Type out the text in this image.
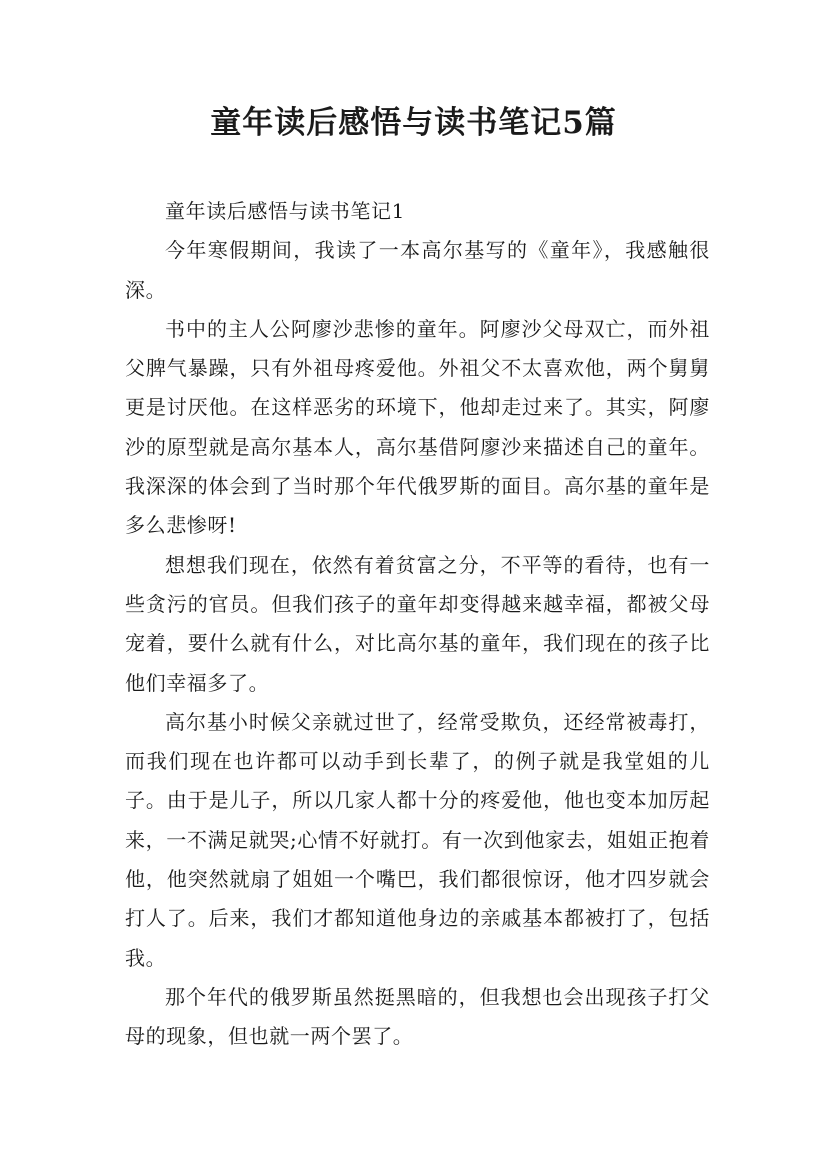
童年读后感悟与读书笔记5篇

童年读后感悟与读书笔记1

今年寒假期间，我读了一本高尔基写的《童年》，我感触很深。

书中的主人公阿廖沙悲惨的童年。阿廖沙父母双亡，而外祖父脾气暴躁，只有外祖母疼爱他。外祖父不太喜欢他，两个舅舅更是讨厌他。在这样恶劣的环境下，他却走过来了。其实，阿廖沙的原型就是高尔基本人，高尔基借阿廖沙来描述自己的童年。我深深的体会到了当时那个年代俄罗斯的面目。高尔基的童年是多么悲惨呀!

想想我们现在，依然有着贫富之分，不平等的看待，也有一些贪污的官员。但我们孩子的童年却变得越来越幸福，都被父母宠着，要什么就有什么，对比高尔基的童年，我们现在的孩子比他们幸福多了。

高尔基小时候父亲就过世了，经常受欺负，还经常被毒打，而我们现在也许都可以动手到长辈了，的例子就是我堂姐的儿子。由于是儿子，所以几家人都十分的疼爱他，他也变本加厉起来，一不满足就哭;心情不好就打。有一次到他家去，姐姐正抱着他，他突然就扇了姐姐一个嘴巴，我们都很惊讶，他才四岁就会打人了。后来，我们才都知道他身边的亲戚基本都被打了，包括我。

那个年代的俄罗斯虽然挺黑暗的，但我想也会出现孩子打父母的现象，但也就一两个罢了。
